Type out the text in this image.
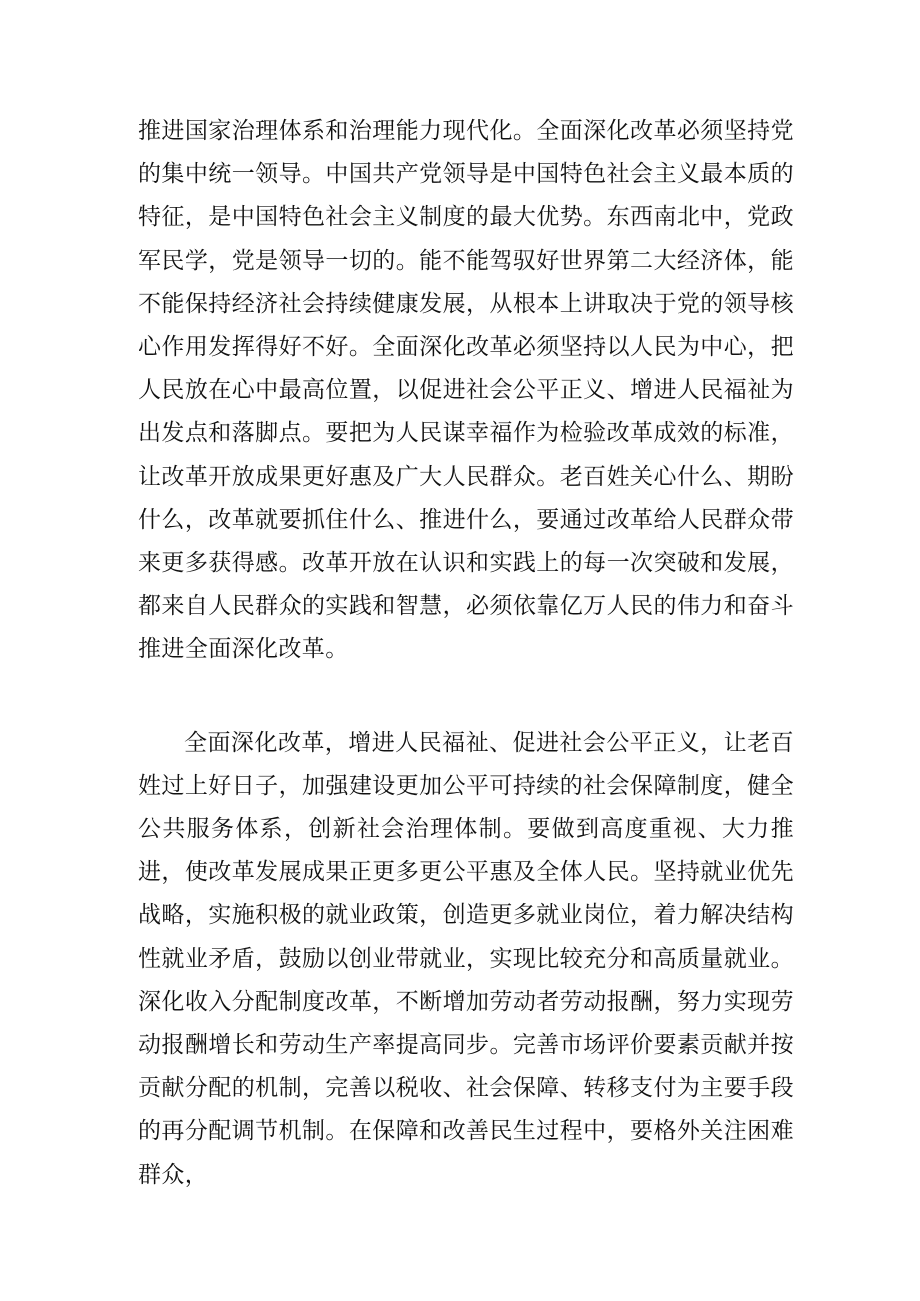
推进国家治理体系和治理能力现代化。全面深化改革必须坚持党的集中统一领导。中国共产党领导是中国特色社会主义最本质的特征，是中国特色社会主义制度的最大优势。东西南北中，党政军民学，党是领导一切的。能不能驾驭好世界第二大经济体，能不能保持经济社会持续健康发展，从根本上讲取决于党的领导核心作用发挥得好不好。全面深化改革必须坚持以人民为中心，把人民放在心中最高位置，以促进社会公平正义、增进人民福祉为出发点和落脚点。要把为人民谋幸福作为检验改革成效的标准，让改革开放成果更好惠及广大人民群众。老百姓关心什么、期盼什么，改革就要抓住什么、推进什么，要通过改革给人民群众带来更多获得感。改革开放在认识和实践上的每一次突破和发展，都来自人民群众的实践和智慧，必须依靠亿万人民的伟力和奋斗推进全面深化改革。

全面深化改革，增进人民福祉、促进社会公平正义，让老百姓过上好日子，加强建设更加公平可持续的社会保障制度，健全公共服务体系，创新社会治理体制。要做到高度重视、大力推进，使改革发展成果正更多更公平惠及全体人民。坚持就业优先战略，实施积极的就业政策，创造更多就业岗位，着力解决结构性就业矛盾，鼓励以创业带就业，实现比较充分和高质量就业。深化收入分配制度改革，不断增加劳动者劳动报酬，努力实现劳动报酬增长和劳动生产率提高同步。完善市场评价要素贡献并按贡献分配的机制，完善以税收、社会保障、转移支付为主要手段的再分配调节机制。在保障和改善民生过程中，要格外关注困难群众，
